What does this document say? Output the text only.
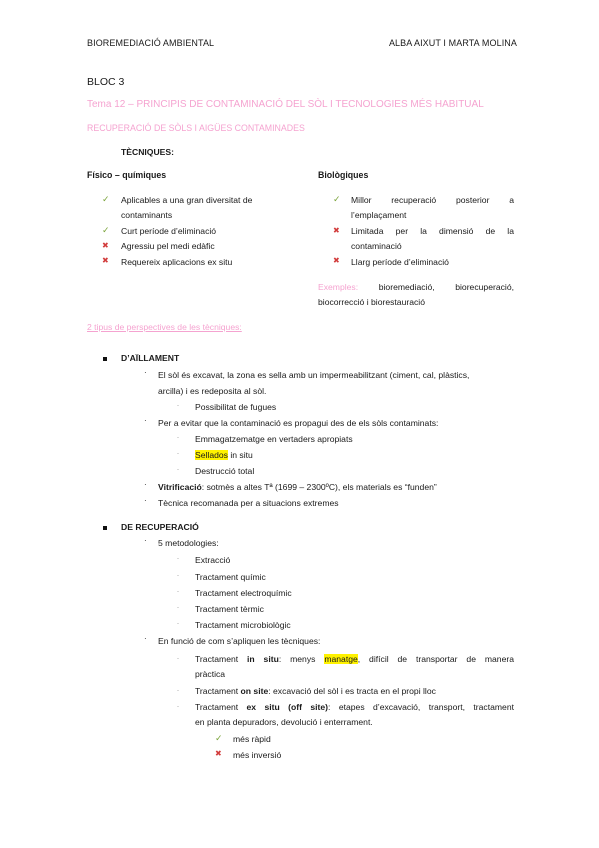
BIOREMEDIACIÓ AMBIENTAL	ALBA AIXUT I MARTA MOLINA
BLOC 3
Tema 12 – PRINCIPIS DE CONTAMINACIÓ DEL SÒL I TECNOLOGIES MÉS HABITUAL
RECUPERACIÓ DE SÒLS I AIGÜES CONTAMINADES
TÈCNIQUES:
Físico – químiques
✓ Aplicables a una gran diversitat de
contaminants
✓ Curt període d’eliminació
✖ Agressiu pel medi edàfic
✖ Requereix aplicacions ex situ
Biològiques
✓ Millor recuperació posterior a
l’emplaçament
✖ Limitada per la dimensió de la
contaminació
✖ Llarg període d’eliminació
Exemples: bioremediació, biorecuperació,
biocorrecció i biorestauració
2 tipus de perspectives de les tècniques:
D’AÏLLAMENT
· El sòl és excavat, la zona es sella amb un impermeabilitzant (ciment, cal, plàstics,
arcilla) i es redeposita al sòl.
· Possibilitat de fugues
· Per a evitar que la contaminació es propagui des de els sòls contaminats:
· Emmagatzematge en vertaders apropiats
· Sellados in situ
· Destrucció total
· Vitrificació: sotmès a altes Tª (1699 – 2300ºC), els materials es “funden”
· Tècnica recomanada per a situacions extremes
DE RECUPERACIÓ
· 5 metodologies:
· Extracció
· Tractament químic
· Tractament electroquímic
· Tractament tèrmic
· Tractament microbiològic
· En funció de com s’apliquen les tècniques:
· Tractament in situ: menys manatge, difícil de transportar de manera
pràctica
· Tractament on site: excavació del sòl i es tracta en el propi lloc
· Tractament ex situ (off site): etapes d’excavació, transport, tractament
en planta depuradors, devolució i enterrament.
✓ més ràpid
✖ més inversió
